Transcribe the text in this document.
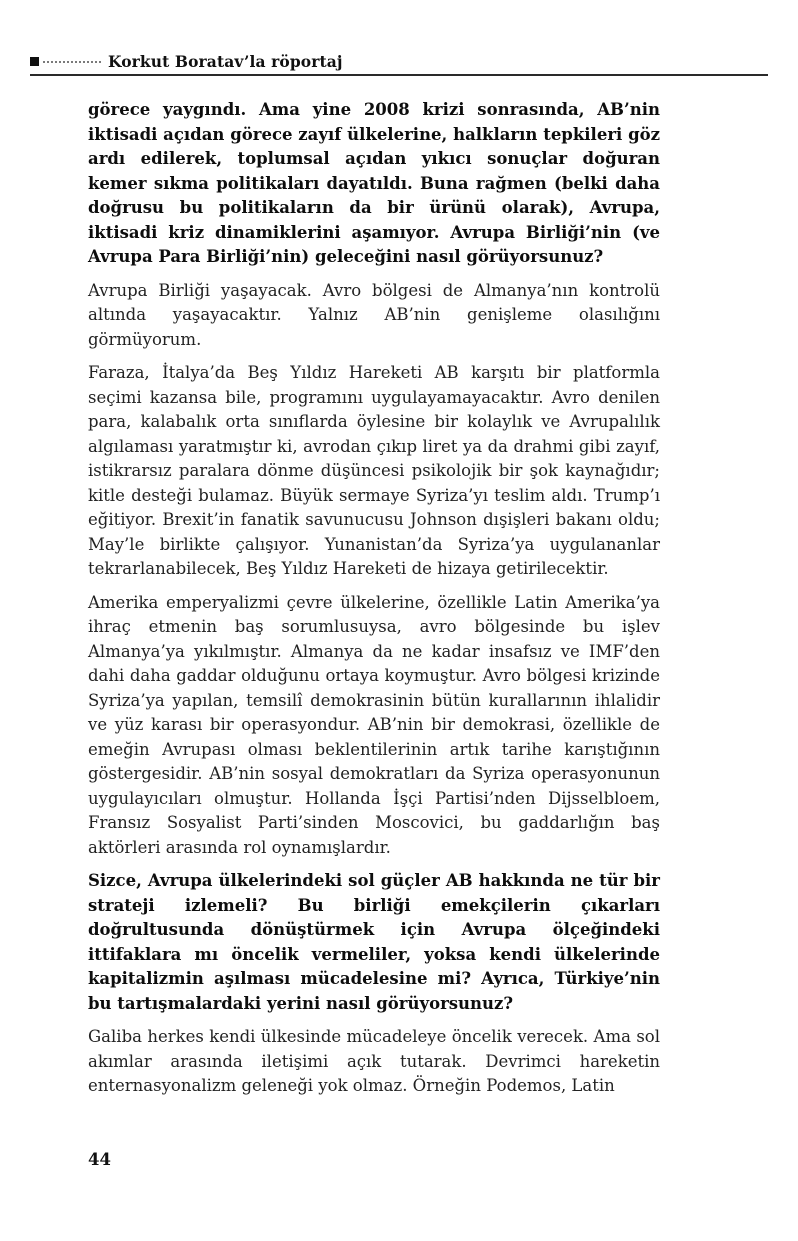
Korkut Boratav’la röportaj

görece yaygındı. Ama yine 2008 krizi sonrasında, AB’nin iktisadi açıdan görece zayıf ülkelerine, halkların tepkileri göz ardı edilerek, toplumsal açıdan yıkıcı sonuçlar doğuran kemer sıkma politikaları dayatıldı. Buna rağmen (belki daha doğrusu bu politikaların da bir ürünü olarak), Avrupa, iktisadi kriz dinamiklerini aşamıyor. Avrupa Birliği’nin (ve Avrupa Para Birliği’nin) geleceğini nasıl görüyorsunuz?

Avrupa Birliği yaşayacak. Avro bölgesi de Almanya’nın kontrolü altında yaşayacaktır. Yalnız AB’nin genişleme olasılığını görmüyorum.

Faraza, İtalya’da Beş Yıldız Hareketi AB karşıtı bir platformla seçimi kazansa bile, programını uygulayamayacaktır. Avro denilen para, kalabalık orta sınıflarda öylesine bir kolaylık ve Avrupalılık algılaması yaratmıştır ki, avrodan çıkıp liret ya da drahmi gibi zayıf, istikrarsız paralara dönme düşüncesi psikolojik bir şok kaynağıdır; kitle desteği bulamaz. Büyük sermaye Syriza’yı teslim aldı. Trump’ı eğitiyor. Brexit’in fanatik savunucusu Johnson dışişleri bakanı oldu; May’le birlikte çalışıyor. Yunanistan’da Syriza’ya uygulananlar tekrarlanabilecek, Beş Yıldız Hareketi de hizaya getirilecektir.

Amerika emperyalizmi çevre ülkelerine, özellikle Latin Amerika’ya ihraç etmenin baş sorumlusuysa, avro bölgesinde bu işlev Almanya’ya yıkılmıştır. Almanya da ne kadar insafsız ve IMF’den dahi daha gaddar olduğunu ortaya koymuştur. Avro bölgesi krizinde Syriza’ya yapılan, temsilî demokrasinin bütün kurallarının ihlalidir ve yüz karası bir operasyondur. AB’nin bir demokrasi, özellikle de emeğin Avrupası olması beklentilerinin artık tarihe karıştığının göstergesidir. AB’nin sosyal demokratları da Syriza operasyonunun uygulayıcıları olmuştur. Hollanda İşçi Partisi’nden Dijsselbloem, Fransız Sosyalist Parti’sinden Moscovici, bu gaddarlığın baş aktörleri arasında rol oynamışlardır.

Sizce, Avrupa ülkelerindeki sol güçler AB hakkında ne tür bir strateji izlemeli? Bu birliği emekçilerin çıkarları doğrultusunda dönüştürmek için Avrupa ölçeğindeki ittifaklara mı öncelik vermeliler, yoksa kendi ülkelerinde kapitalizmin aşılması mücadelesine mi? Ayrıca, Türkiye’nin bu tartışmalardaki yerini nasıl görüyorsunuz?

Galiba herkes kendi ülkesinde mücadeleye öncelik verecek. Ama sol akımlar arasında iletişimi açık tutarak. Devrimci hareketin enternasyonalizm geleneği yok olmaz. Örneğin Podemos, Latin

44
